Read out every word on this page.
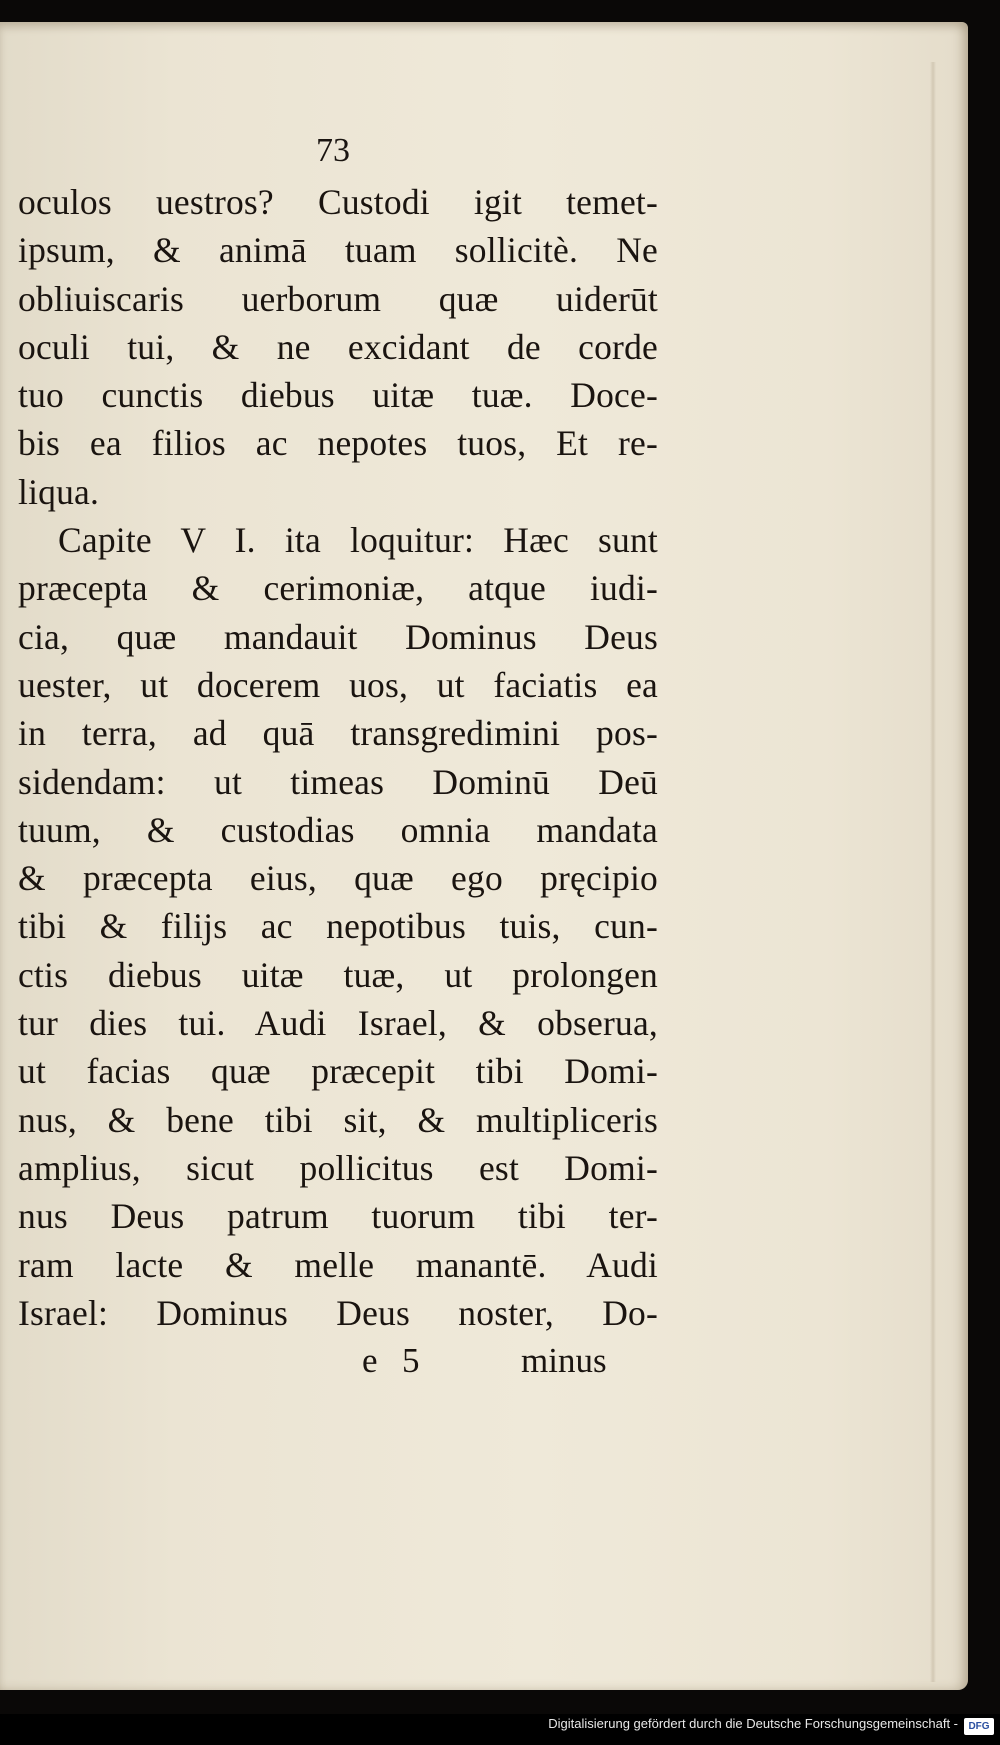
73
oculos uestros? Custodi igit temet-
ipsum, & animā tuam sollicitè. Ne
obliuiscaris uerborum quæ uiderūt
oculi tui, & ne excidant de corde
tuo cunctis diebus uitæ tuæ. Doce-
bis ea filios ac nepotes tuos, Et re-
liqua.
Capite V I. ita loquitur: Hæc sunt
præcepta & cerimoniæ, atque iudi-
cia, quæ mandauit Dominus Deus
uester, ut docerem uos, ut faciatis ea
in terra, ad quā transgredimini pos-
sidendam: ut timeas Dominū Deū
tuum, & custodias omnia mandata
& præcepta eius, quæ ego pręcipio
tibi & filijs ac nepotibus tuis, cun-
ctis diebus uitæ tuæ, ut prolongen
tur dies tui. Audi Israel, & obserua,
ut facias quæ præcepit tibi Domi-
nus, & bene tibi sit, & multipliceris
amplius, sicut pollicitus est Domi-
nus Deus patrum tuorum tibi ter-
ram lacte & melle manantē. Audi
Israel: Dominus Deus noster, Do-
e 5	minus
Digitalisierung gefördert durch die Deutsche Forschungsgemeinschaft -	DFG
